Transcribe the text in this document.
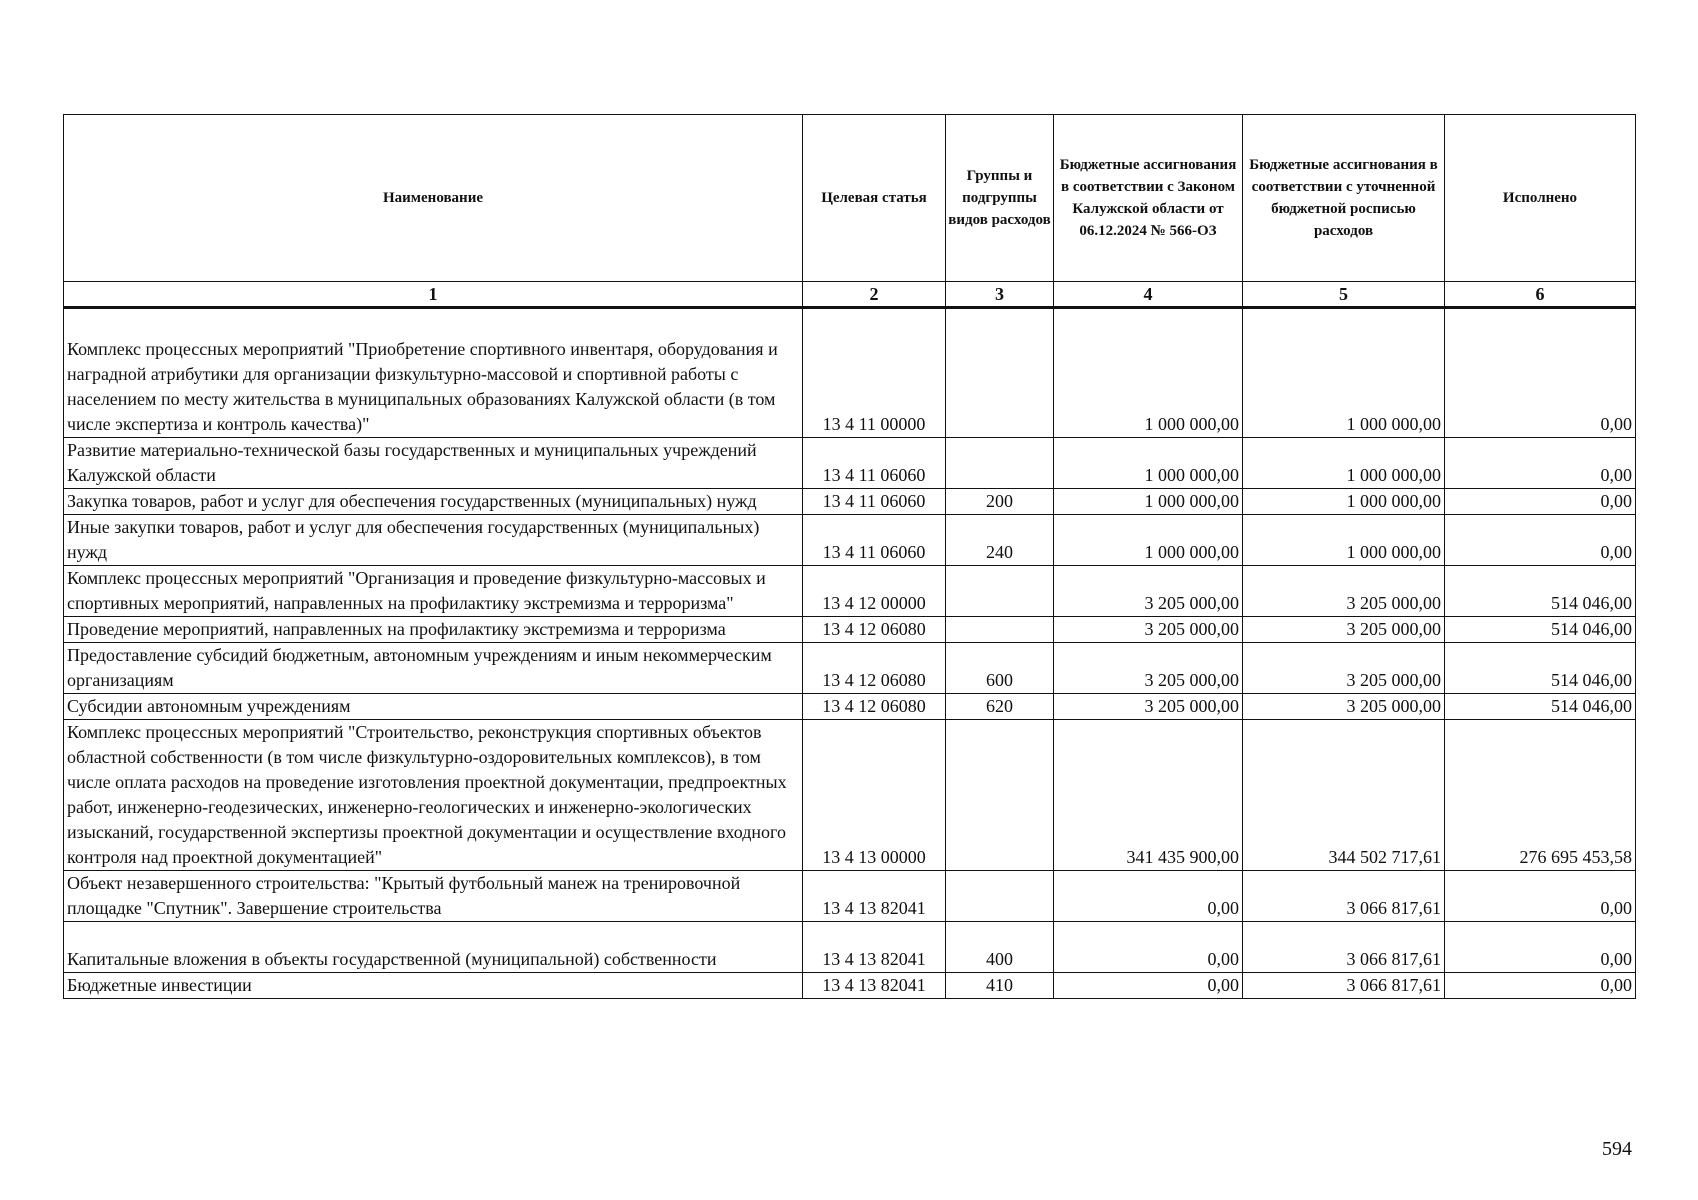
Наименование	Целевая статья	Группы и подгруппы видов расходов	Бюджетные ассигнования в соответствии с Законом Калужской области от 06.12.2024 № 566-ОЗ	Бюджетные ассигнования в соответствии с уточненной бюджетной росписью расходов	Исполнено
1	2	3	4	5	6
Комплекс процессных мероприятий "Приобретение спортивного инвентаря, оборудования и наградной атрибутики для организации физкультурно-массовой и спортивной работы с населением по месту жительства в муниципальных образованиях Калужской области (в том числе экспертиза и контроль качества)"	13 4 11 00000		1 000 000,00	1 000 000,00	0,00
Развитие материально-технической базы государственных и муниципальных учреждений Калужской области	13 4 11 06060		1 000 000,00	1 000 000,00	0,00
Закупка товаров, работ и услуг для обеспечения государственных (муниципальных) нужд	13 4 11 06060	200	1 000 000,00	1 000 000,00	0,00
Иные закупки товаров, работ и услуг для обеспечения государственных (муниципальных) нужд	13 4 11 06060	240	1 000 000,00	1 000 000,00	0,00
Комплекс процессных мероприятий "Организация и проведение физкультурно-массовых и спортивных мероприятий, направленных на профилактику экстремизма и терроризма"	13 4 12 00000		3 205 000,00	3 205 000,00	514 046,00
Проведение мероприятий, направленных на профилактику экстремизма и терроризма	13 4 12 06080		3 205 000,00	3 205 000,00	514 046,00
Предоставление субсидий бюджетным, автономным учреждениям и иным некоммерческим организациям	13 4 12 06080	600	3 205 000,00	3 205 000,00	514 046,00
Субсидии автономным учреждениям	13 4 12 06080	620	3 205 000,00	3 205 000,00	514 046,00
Комплекс процессных мероприятий "Строительство, реконструкция спортивных объектов областной собственности (в том числе физкультурно-оздоровительных комплексов), в том числе оплата расходов на проведение изготовления проектной документации, предпроектных работ, инженерно-геодезических, инженерно-геологических и инженерно-экологических изысканий, государственной экспертизы проектной документации и осуществление входного контроля над проектной документацией"	13 4 13 00000		341 435 900,00	344 502 717,61	276 695 453,58
Объект незавершенного строительства: "Крытый футбольный манеж на тренировочной площадке "Спутник". Завершение строительства	13 4 13 82041		0,00	3 066 817,61	0,00
Капитальные вложения в объекты государственной (муниципальной) собственности	13 4 13 82041	400	0,00	3 066 817,61	0,00
Бюджетные инвестиции	13 4 13 82041	410	0,00	3 066 817,61	0,00
594
